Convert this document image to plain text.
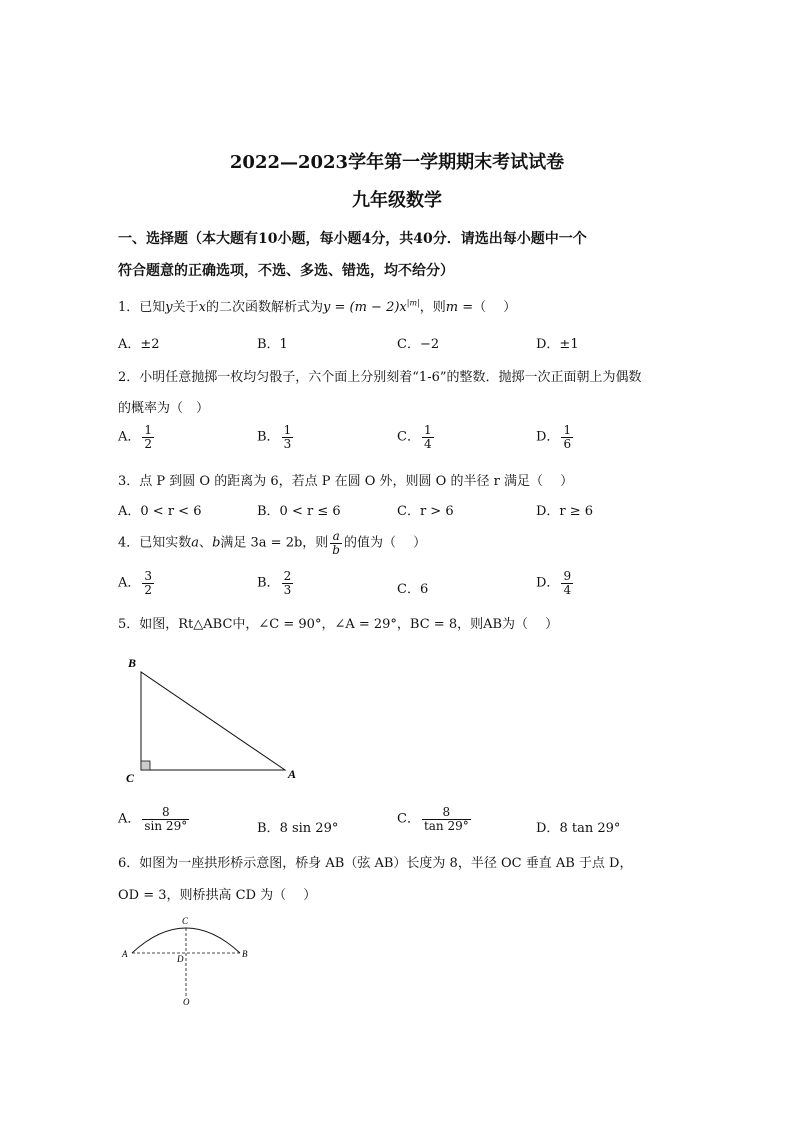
2022—2023学年第一学期期末考试试卷
九年级数学
一、选择题（本大题有10小题，每小题4分，共40分．请选出每小题中一个
符合题意的正确选项，不选、多选、错选，均不给分）
1．已知y关于x的二次函数解析式为$y = (m - 2)x^{|m|}$，则m =（　 ）
A．±2	B．1	C．−2	D．±1
2．小明任意抛掷一枚均匀骰子，六个面上分别刻着“1-6”的整数．抛掷一次正面朝上为偶数
的概率为（　）
A． $\frac{1}{2}$	B． $\frac{1}{3}$	C． $\frac{1}{4}$	D． $\frac{1}{6}$
3．点 P 到圆 O 的距离为 6，若点 P 在圆 O 外，则圆 O 的半径 r 满足（　 ）
A．0 < r < 6	B．0 < r ≤ 6	C．r > 6	D．r ≥ 6
4．已知实数a、b满足 3a = 2b，则 $\frac{a}{b}$ 的值为（　 ）
A． $\frac{3}{2}$	B． $\frac{2}{3}$	C．6	D． $\frac{9}{4}$
5．如图，Rt△ABC中，∠C = 90°，∠A = 29°，BC = 8，则AB为（　 ）
B
C	A
A． $\frac{8}{\sin 29^\circ}$	B．8 sin 29°
C． $\frac{8}{\tan 29^\circ}$	D．8 tan 29°
6．如图为一座拱形桥示意图，桥身 AB（弦 AB）长度为 8，半径 OC 垂直 AB 于点 D，
OD = 3，则桥拱高 CD 为（　 ）
C
A	B
D
O
